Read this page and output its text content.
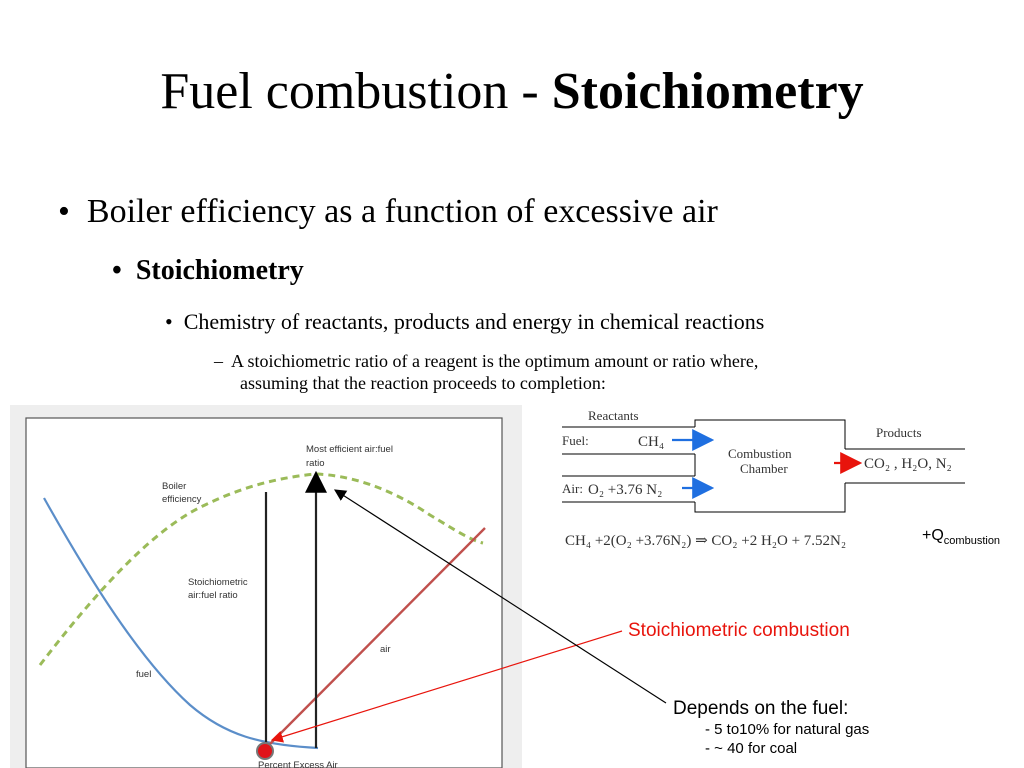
Fuel combustion - Stoichiometry
• Boiler efficiency as a function of excessive air
• Stoichiometry
• Chemistry of reactants, products and energy in chemical reactions
– A stoichiometric ratio of a reagent is the optimum amount or ratio where,
assuming that the reaction proceeds to completion:
Boiler
efficiency
Most efficient air:fuel
ratio
Stoichiometric
air:fuel ratio
air
fuel
Percent Excess Air
Reactants
Products
Fuel:
Air:
Combustion
Chamber
CH₄
O₂ +3.76 N₂
CO₂ , H₂O, N₂
CH₄ +2(O₂ +3.76N₂) ⇒ CO₂ +2 H₂O + 7.52N₂	$+Q_{combustion}$
Stoichiometric combustion
Depends on the fuel:
- 5 to10% for natural gas
- ~ 40 for coal
